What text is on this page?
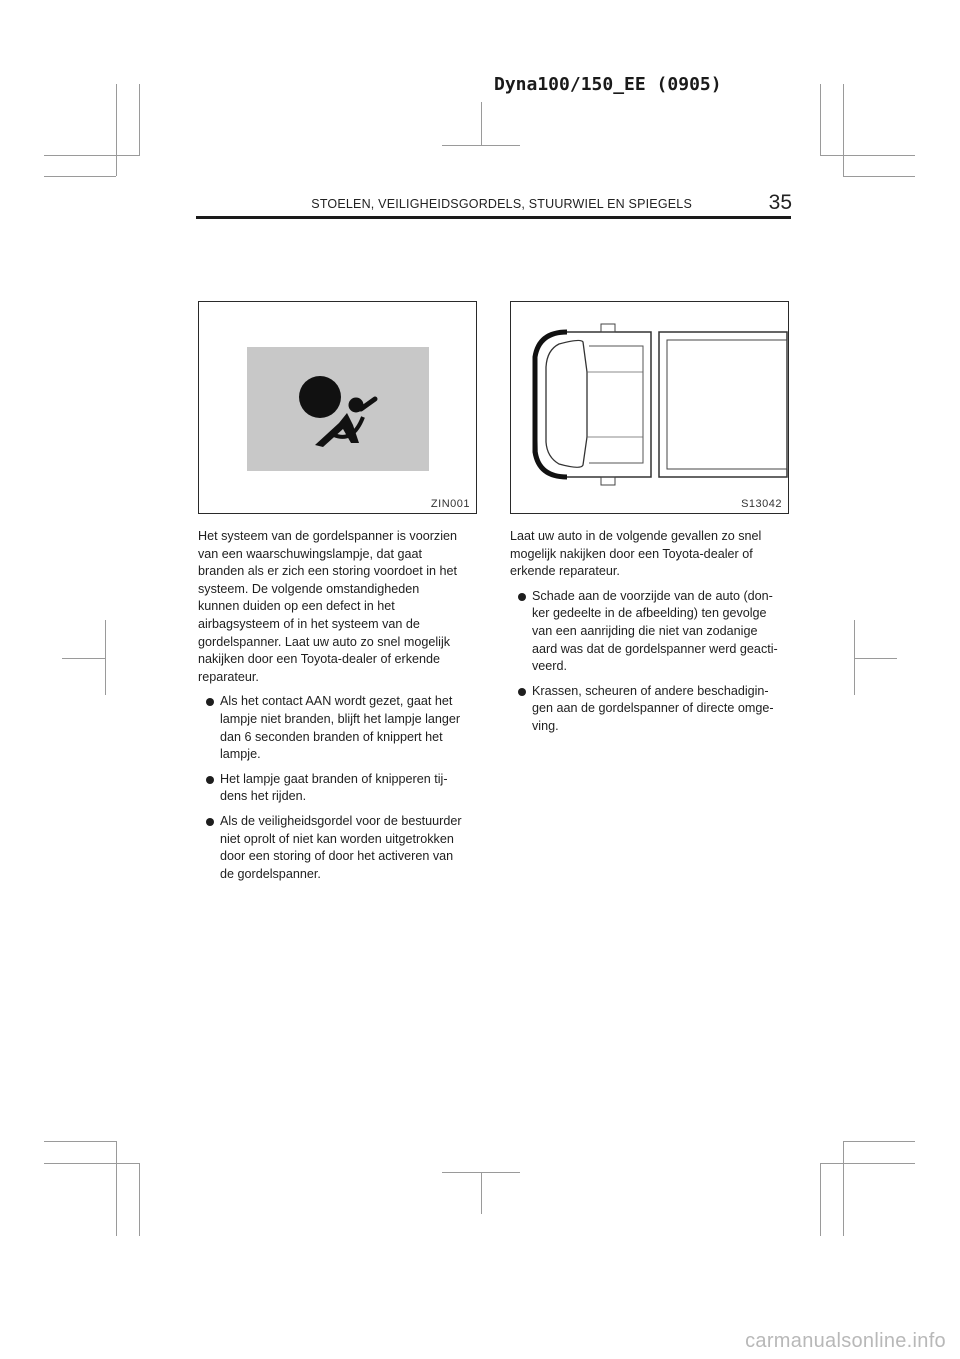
Dyna100/150_EE (0905)
STOELEN, VEILIGHEIDSGORDELS, STUURWIEL EN SPIEGELS	35
ZIN001	S13042

Het systeem van de gordelspanner is voorzien
van een waarschuwingslampje, dat gaat
branden als er zich een storing voordoet in het
systeem. De volgende omstandigheden
kunnen duiden op een defect in het
airbagsysteem of in het systeem van de
gordelspanner. Laat uw auto zo snel mogelijk
nakijken door een Toyota-dealer of erkende
reparateur.

Als het contact AAN wordt gezet, gaat het
lampje niet branden, blijft het lampje langer
dan 6 seconden branden of knippert het
lampje.
Het lampje gaat branden of knipperen tij-
dens het rijden.
Als de veiligheidsgordel voor de bestuurder
niet oprolt of niet kan worden uitgetrokken
door een storing of door het activeren van
de gordelspanner.

Laat uw auto in de volgende gevallen zo snel
mogelijk nakijken door een Toyota-dealer of
erkende reparateur.

Schade aan de voorzijde van de auto (don-
ker gedeelte in de afbeelding) ten gevolge
van een aanrijding die niet van zodanige
aard was dat de gordelspanner werd geacti-
veerd.
Krassen, scheuren of andere beschadigin-
gen aan de gordelspanner of directe omge-
ving.
carmanualsonline.info
